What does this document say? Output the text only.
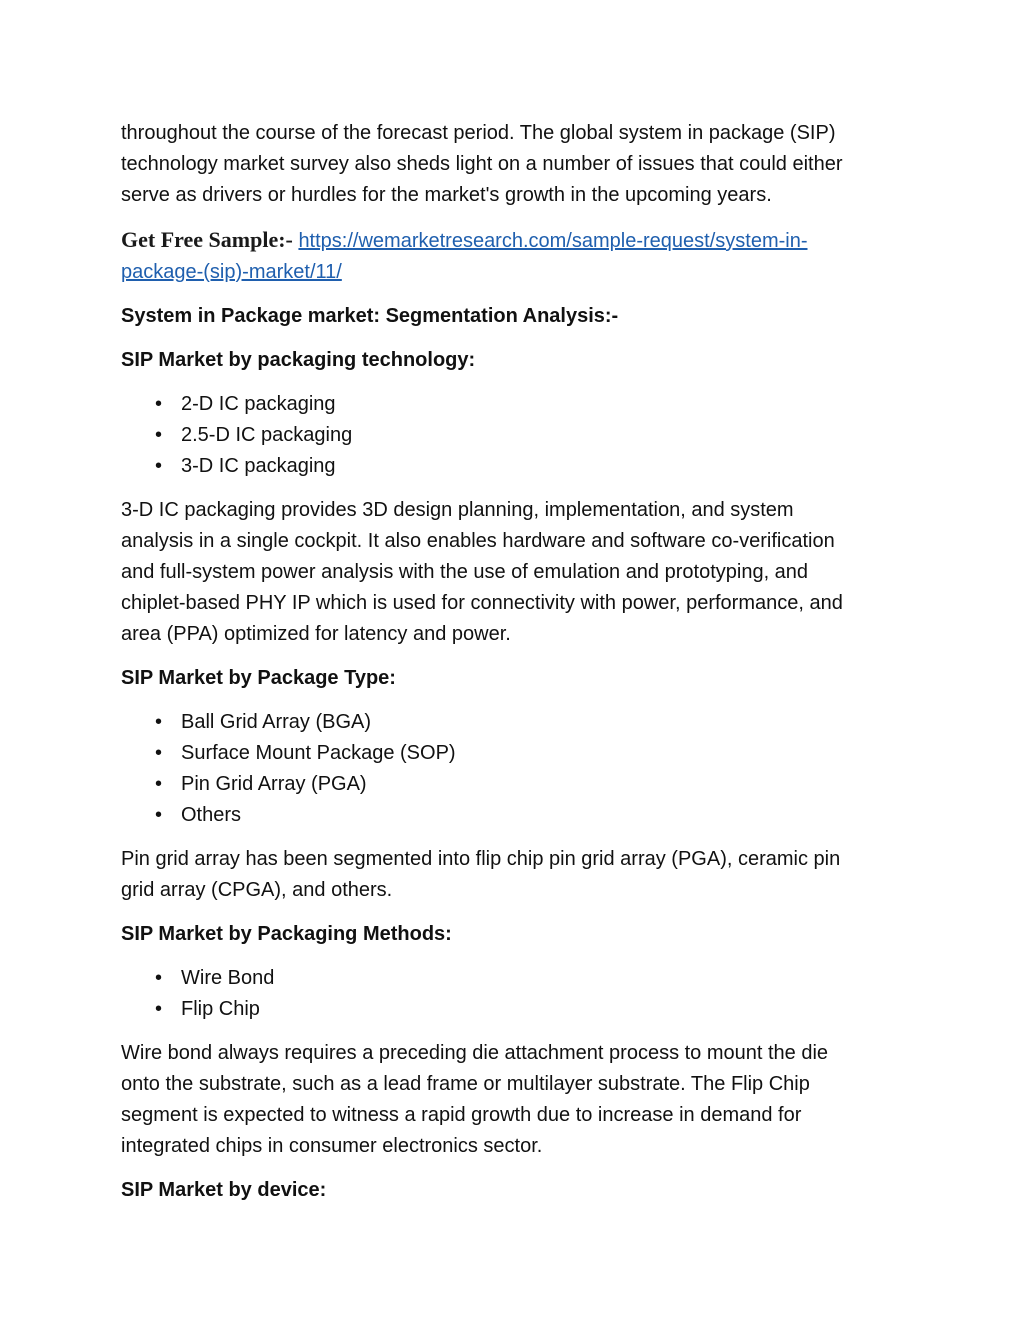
throughout the course of the forecast period. The global system in package (SIP)
technology market survey also sheds light on a number of issues that could either
serve as drivers or hurdles for the market's growth in the upcoming years.

Get Free Sample:- https://wemarketresearch.com/sample-request/system-in-
package-(sip)-market/11/

System in Package market: Segmentation Analysis:-

SIP Market by packaging technology:

• 2-D IC packaging
• 2.5-D IC packaging
• 3-D IC packaging

3-D IC packaging provides 3D design planning, implementation, and system
analysis in a single cockpit. It also enables hardware and software co-verification
and full-system power analysis with the use of emulation and prototyping, and
chiplet-based PHY IP which is used for connectivity with power, performance, and
area (PPA) optimized for latency and power.

SIP Market by Package Type:

• Ball Grid Array (BGA)
• Surface Mount Package (SOP)
• Pin Grid Array (PGA)
• Others

Pin grid array has been segmented into flip chip pin grid array (PGA), ceramic pin
grid array (CPGA), and others.

SIP Market by Packaging Methods:

• Wire Bond
• Flip Chip

Wire bond always requires a preceding die attachment process to mount the die
onto the substrate, such as a lead frame or multilayer substrate. The Flip Chip
segment is expected to witness a rapid growth due to increase in demand for
integrated chips in consumer electronics sector.

SIP Market by device:
